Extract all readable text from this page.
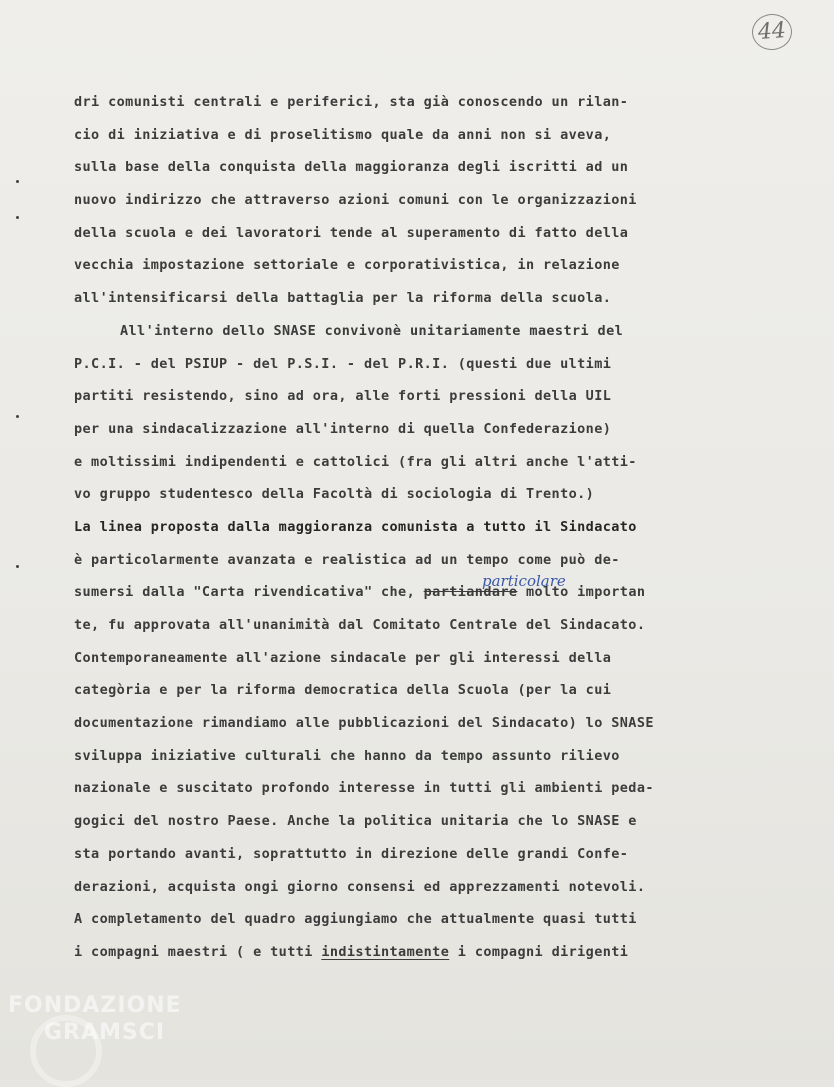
44
dri comunisti centrali e periferici, sta già conoscendo un rilan-
cio di iniziativa e di proselitismo quale da anni non si aveva,
sulla base della conquista della maggioranza degli iscritti ad un
nuovo indirizzo che attraverso azioni comuni con le organizzazioni
della scuola e dei lavoratori tende al superamento di fatto della
vecchia impostazione settoriale e corporativistica, in relazione
all'intensificarsi della battaglia per la riforma della scuola.
All'interno dello SNASE convivonè unitariamente maestri del
P.C.I. - del PSIUP - del P.S.I. - del P.R.I. (questi due ultimi
partiti resistendo, sino ad ora, alle forti pressioni della UIL
per una sindacalizzazione all'interno di quella Confederazione)
e moltissimi indipendenti e cattolici (fra gli altri anche l'atti-
vo gruppo studentesco della Facoltà di sociologia di Trento.)
La linea proposta dalla maggioranza comunista a tutto il Sindacato
è particolarmente avanzata e realistica ad un tempo come può de-
sumersi dalla "Carta rivendicativa" che, partiandare molto importan
te, fu approvata all'unanimità dal Comitato Centrale del Sindacato.
Contemporaneamente all'azione sindacale per gli interessi della
categòria e per la riforma democratica della Scuola (per la cui
documentazione rimandiamo alle pubblicazioni del Sindacato) lo SNASE
sviluppa iniziative culturali che hanno da tempo assunto rilievo
nazionale e suscitato profondo interesse in tutti gli ambienti peda-
gogici del nostro Paese. Anche la politica unitaria che lo SNASE e
sta portando avanti, soprattutto in direzione delle grandi Confe-
derazioni, acquista ongi giorno consensi ed apprezzamenti notevoli.
A completamento del quadro aggiungiamo che attualmente quasi tutti
i compagni maestri ( e tutti indistintamente i compagni dirigenti
particolare
FONDAZIONE
GRAMSCI
